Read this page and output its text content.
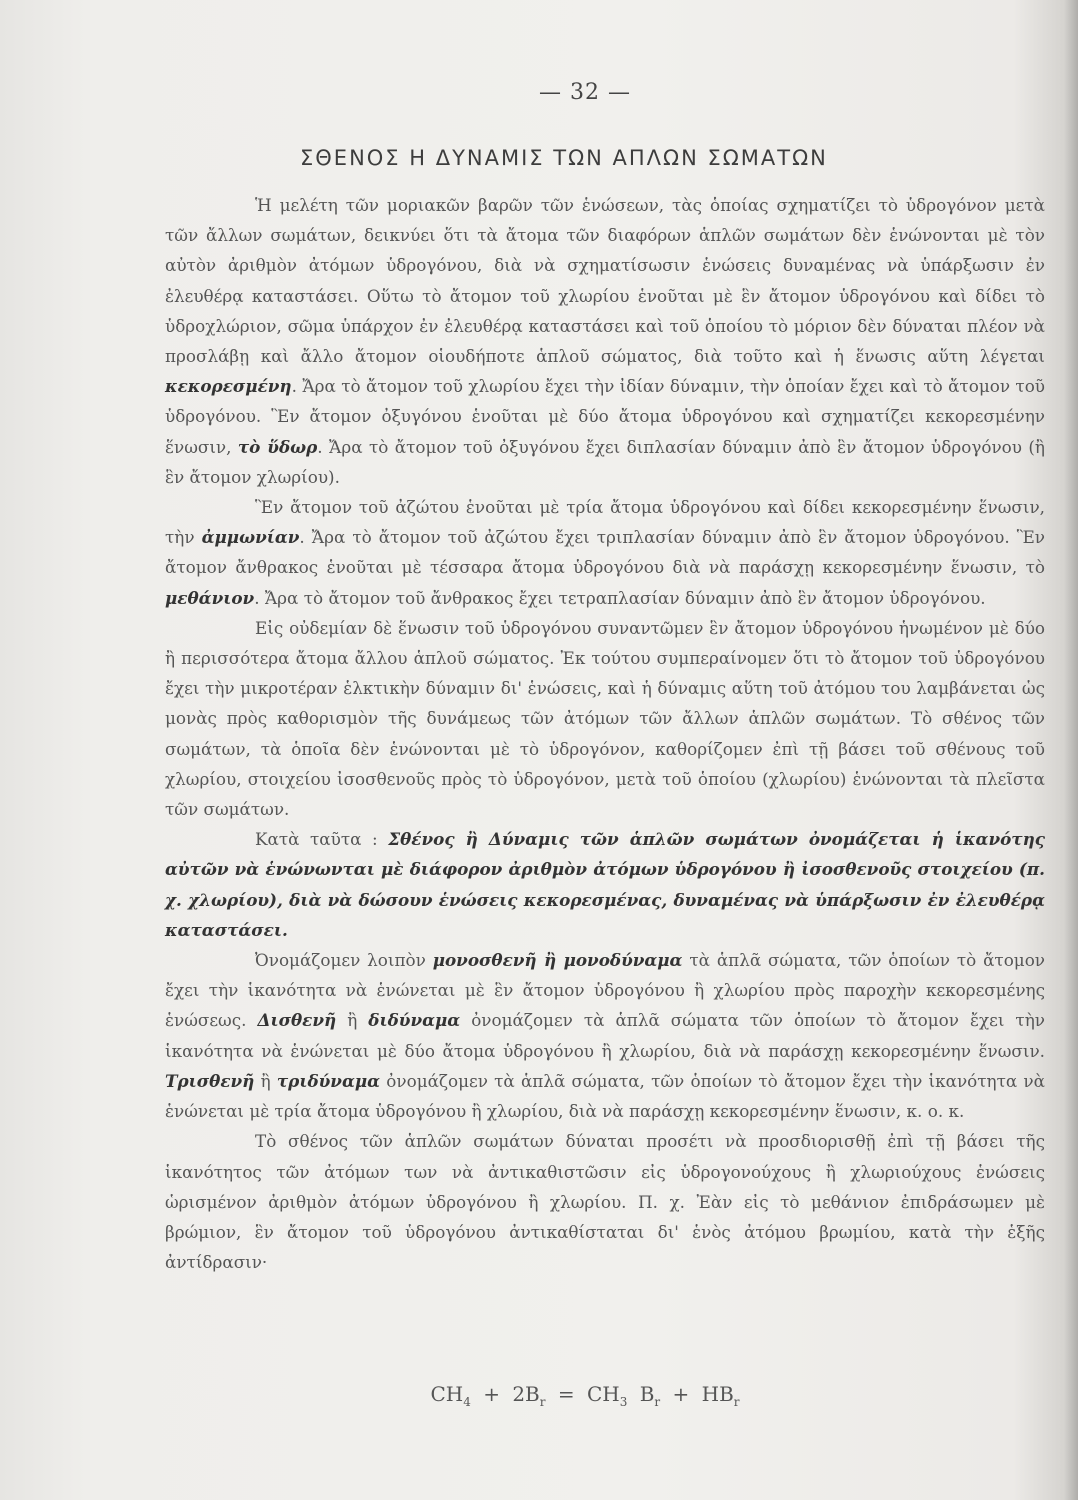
— 32 —
ΣΘΕΝΟΣ Η ΔΥΝΑΜΙΣ ΤΩΝ ΑΠΛΩΝ ΣΩΜΑΤΩΝ

Ἡ μελέτη τῶν μοριακῶν βαρῶν τῶν ἑνώσεων, τὰς ὁποίας σχηματίζει τὸ ὑδρογόνον μετὰ τῶν ἄλλων σωμάτων, δεικνύει ὅτι τὰ ἄτομα τῶν διαφόρων ἁπλῶν σωμάτων δὲν ἑνώνονται μὲ τὸν αὐτὸν ἀριθμὸν ἀτόμων ὑδρογόνου, διὰ νὰ σχηματίσωσιν ἑνώσεις δυναμένας νὰ ὑπάρξωσιν ἐν ἐλευθέρᾳ καταστάσει. Οὕτω τὸ ἄτομον τοῦ χλωρίου ἑνοῦται μὲ ἓν ἄτομον ὑδρογόνου καὶ δίδει τὸ ὑδροχλώριον, σῶμα ὑπάρχον ἐν ἐλευθέρᾳ καταστάσει καὶ τοῦ ὁποίου τὸ μόριον δὲν δύναται πλέον νὰ προσλάβῃ καὶ ἄλλο ἄτομον οἱουδήποτε ἁπλοῦ σώματος, διὰ τοῦτο καὶ ἡ ἕνωσις αὕτη λέγεται κεκορεσμένη. Ἄρα τὸ ἄτομον τοῦ χλωρίου ἔχει τὴν ἰδίαν δύναμιν, τὴν ὁποίαν ἔχει καὶ τὸ ἄτομον τοῦ ὑδρογόνου. Ἓν ἄτομον ὀξυγόνου ἑνοῦται μὲ δύο ἄτομα ὑδρογόνου καὶ σχηματίζει κεκορεσμένην ἕνωσιν, τὸ ὕδωρ. Ἄρα τὸ ἄτομον τοῦ ὀξυγόνου ἔχει διπλασίαν δύναμιν ἀπὸ ἓν ἄτομον ὑδρογόνου (ἢ ἓν ἄτομον χλωρίου).

Ἓν ἄτομον τοῦ ἀζώτου ἑνοῦται μὲ τρία ἄτομα ὑδρογόνου καὶ δίδει κεκορεσμένην ἕνωσιν, τὴν ἀμμωνίαν. Ἄρα τὸ ἄτομον τοῦ ἀζώτου ἔχει τριπλασίαν δύναμιν ἀπὸ ἓν ἄτομον ὑδρογόνου. Ἓν ἄτομον ἄνθρακος ἑνοῦται μὲ τέσσαρα ἄτομα ὑδρογόνου διὰ νὰ παράσχῃ κεκορεσμένην ἕνωσιν, τὸ μεθάνιον. Ἄρα τὸ ἄτομον τοῦ ἄνθρακος ἔχει τετραπλασίαν δύναμιν ἀπὸ ἓν ἄτομον ὑδρογόνου.

Εἰς οὐδεμίαν δὲ ἕνωσιν τοῦ ὑδρογόνου συναντῶμεν ἓν ἄτομον ὑδρογόνου ἡνωμένον μὲ δύο ἢ περισσότερα ἄτομα ἄλλου ἁπλοῦ σώματος. Ἐκ τούτου συμπεραίνομεν ὅτι τὸ ἄτομον τοῦ ὑδρογόνου ἔχει τὴν μικροτέραν ἑλκτικὴν δύναμιν δι' ἑνώσεις, καὶ ἡ δύναμις αὕτη τοῦ ἀτόμου του λαμβάνεται ὡς μονὰς πρὸς καθορισμὸν τῆς δυνάμεως τῶν ἀτόμων τῶν ἄλλων ἁπλῶν σωμάτων. Τὸ σθένος τῶν σωμάτων, τὰ ὁποῖα δὲν ἑνώνονται μὲ τὸ ὑδρογόνον, καθορίζομεν ἐπὶ τῇ βάσει τοῦ σθένους τοῦ χλωρίου, στοιχείου ἰσοσθενοῦς πρὸς τὸ ὑδρογόνον, μετὰ τοῦ ὁποίου (χλωρίου) ἑνώνονται τὰ πλεῖστα τῶν σωμάτων.

Κατὰ ταῦτα : Σθένος ἢ Δύναμις τῶν ἁπλῶν σωμάτων ὀνομάζεται ἡ ἱκανότης αὐτῶν νὰ ἑνώνωνται μὲ διάφορον ἀριθμὸν ἀτόμων ὑδρογόνου ἢ ἰσοσθενοῦς στοιχείου (π. χ. χλωρίου), διὰ νὰ δώσουν ἑνώσεις κεκορεσμένας, δυναμένας νὰ ὑπάρξωσιν ἐν ἐλευθέρᾳ καταστάσει.

Ὀνομάζομεν λοιπὸν μονοσθενῆ ἢ μονοδύναμα τὰ ἁπλᾶ σώματα, τῶν ὁποίων τὸ ἄτομον ἔχει τὴν ἱκανότητα νὰ ἑνώνεται μὲ ἓν ἄτομον ὑδρογόνου ἢ χλωρίου πρὸς παροχὴν κεκορεσμένης ἑνώσεως. Δισθενῆ ἢ διδύναμα ὀνομάζομεν τὰ ἁπλᾶ σώματα τῶν ὁποίων τὸ ἄτομον ἔχει τὴν ἱκανότητα νὰ ἑνώνεται μὲ δύο ἄτομα ὑδρογόνου ἢ χλωρίου, διὰ νὰ παράσχῃ κεκορεσμένην ἕνωσιν. Τρισθενῆ ἢ τριδύναμα ὀνομάζομεν τὰ ἁπλᾶ σώματα, τῶν ὁποίων τὸ ἄτομον ἔχει τὴν ἱκανότητα νὰ ἑνώνεται μὲ τρία ἄτομα ὑδρογόνου ἢ χλωρίου, διὰ νὰ παράσχῃ κεκορεσμένην ἕνωσιν, κ. ο. κ.

Τὸ σθένος τῶν ἁπλῶν σωμάτων δύναται προσέτι νὰ προσδιορισθῇ ἐπὶ τῇ βάσει τῆς ἱκανότητος τῶν ἀτόμων των νὰ ἀντικαθιστῶσιν εἰς ὑδρογονούχους ἢ χλωριούχους ἑνώσεις ὡρισμένον ἀριθμὸν ἀτόμων ὑδρογόνου ἢ χλωρίου. Π. χ. Ἐὰν εἰς τὸ μεθάνιον ἐπιδράσωμεν μὲ βρώμιον, ἓν ἄτομον τοῦ ὑδρογόνου ἀντικαθίσταται δι' ἑνὸς ἀτόμου βρωμίου, κατὰ τὴν ἑξῆς ἀντίδρασιν·

$CH_4 + 2B_r = CH_3$ $B_r + HB_r$
